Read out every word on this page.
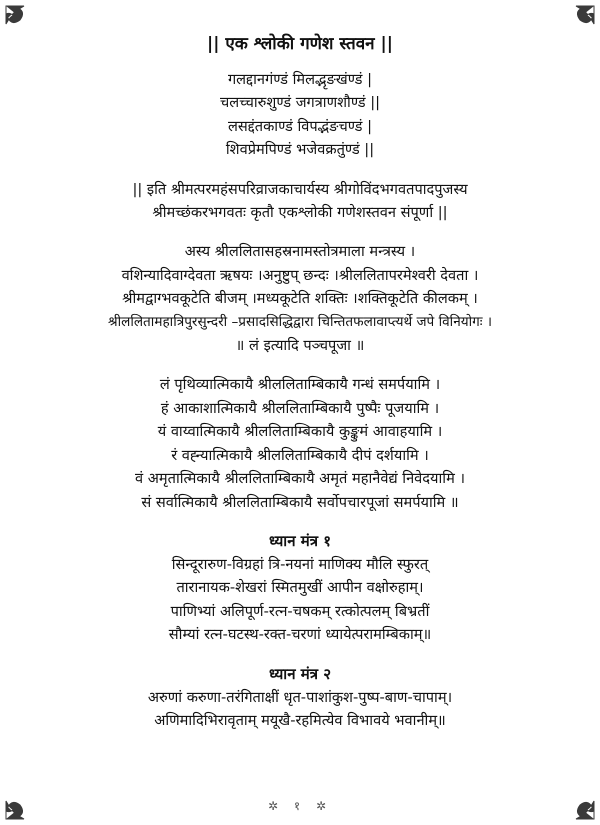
|| एक श्लोकी गणेश स्तवन ||
गलद्दानगंण्डं मिलद्भृङखंण्डं |
चलच्चारुशुण्डं जगत्राणशौण्डं ||
लसद्दंतकाण्डं विपद्भंङचण्डं |
शिवप्रेमपिण्डं भजेवक्रतुंण्डं ||
|| इति श्रीमत्परमहंसपरिव्राजकाचार्यस्य श्रीगोविंदभगवतपादपुजस्य
श्रीमच्छंकरभगवतः कृतौ एकश्लोकी गणेशस्तवन संपूर्णा ||
अस्य श्रीललितासहस्रनामस्तोत्रमाला मन्त्रस्य ।
वशिन्यादिवाग्देवता ऋषयः ।अनुष्टुप् छन्दः ।श्रीललितापरमेश्वरी देवता ।
श्रीमद्वाग्भवकूटेति बीजम् ।मध्यकूटेति शक्तिः ।शक्तिकूटेति कीलकम् ।
श्रीललितामहात्रिपुरसुन्दरी –प्रसादसिद्धिद्वारा चिन्तितफलावाप्त्यर्थे जपे विनियोगः ।
॥ लं इत्यादि पञ्चपूजा ॥
लं पृथिव्यात्मिकायै श्रीललिताम्बिकायै गन्धं समर्पयामि ।
हं आकाशात्मिकायै श्रीललिताम्बिकायै पुष्पैः पूजयामि ।
यं वाय्वात्मिकायै श्रीललिताम्बिकायै कुङ्कुमं आवाहयामि ।
रं वह्न्यात्मिकायै श्रीललिताम्बिकायै दीपं दर्शयामि ।
वं अमृतात्मिकायै श्रीललिताम्बिकायै अमृतं महानैवेद्यं निवेदयामि ।
सं सर्वात्मिकायै श्रीललिताम्बिकायै सर्वोपचारपूजां समर्पयामि ॥
ध्यान मंत्र १
सिन्दूरारुण-विग्रहां त्रि-नयनां माणिक्य मौलि स्फुरत्
तारानायक-शेखरां स्मितमुखीं आपीन वक्षोरुहाम्।
पाणिभ्यां अलिपूर्ण-रत्न-चषकम् रत्कोत्पलम् बिभ्रतीं
सौम्यां रत्न-घटस्थ-रक्त-चरणां ध्यायेत्परामम्बिकाम्॥
ध्यान मंत्र २
अरुणां करुणा-तरंगिताक्षीं धृत-पाशांकुश-पुष्प-बाण-चापाम्।
अणिमादिभिरावृताम् मयूखै-रहमित्येव विभावये भवानीम्॥
✲ १ ✲
